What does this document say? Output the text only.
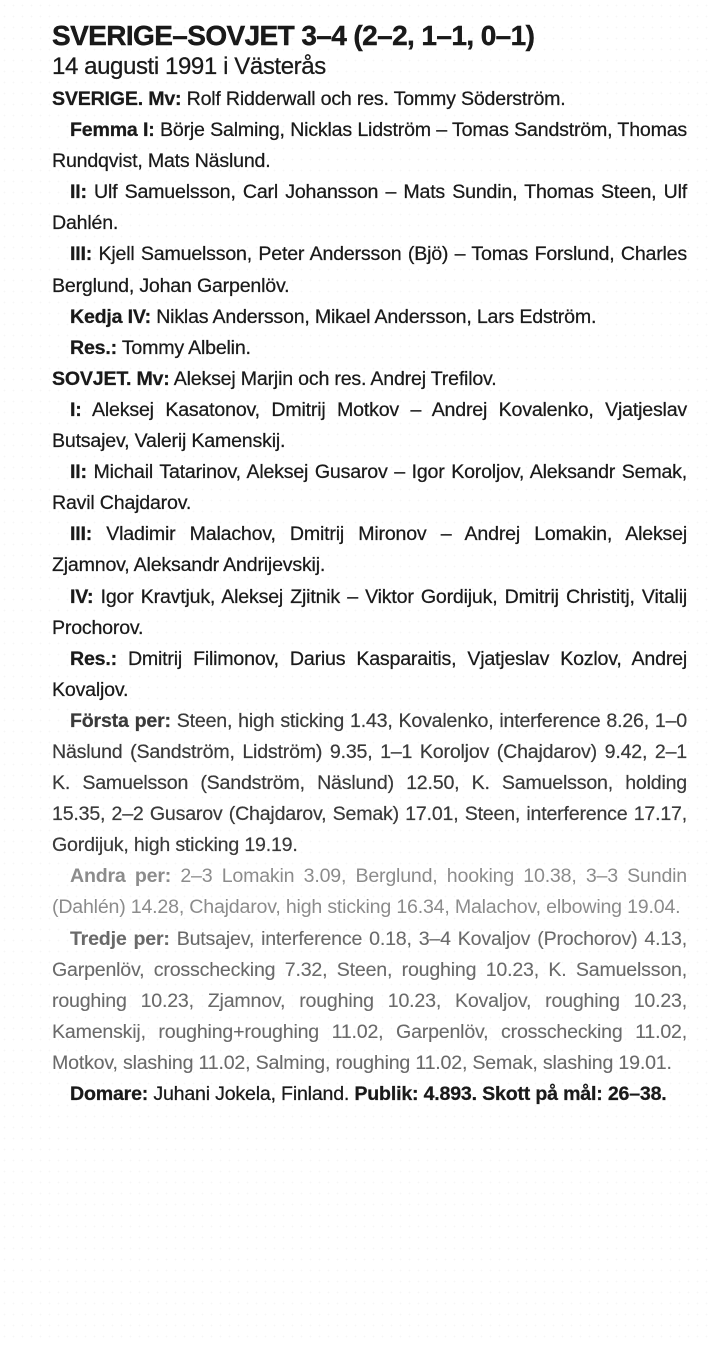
SVERIGE–SOVJET 3–4 (2–2, 1–1, 0–1)
14 augusti 1991 i Västerås

SVERIGE. Mv: Rolf Ridderwall och res. Tommy Söderström.

Femma I: Börje Salming, Nicklas Lidström – Tomas Sandström, Thomas Rundqvist, Mats Näslund.

II: Ulf Samuelsson, Carl Johansson – Mats Sundin, Thomas Steen, Ulf Dahlén.

III: Kjell Samuelsson, Peter Andersson (Bjö) – Tomas Forslund, Charles Berglund, Johan Garpenlöv.

Kedja IV: Niklas Andersson, Mikael Andersson, Lars Edström.

Res.: Tommy Albelin.

SOVJET. Mv: Aleksej Marjin och res. Andrej Trefilov.

I: Aleksej Kasatonov, Dmitrij Motkov – Andrej Kovalenko, Vjatjeslav Butsajev, Valerij Kamenskij.

II: Michail Tatarinov, Aleksej Gusarov – Igor Koroljov, Aleksandr Semak, Ravil Chajdarov.

III: Vladimir Malachov, Dmitrij Mironov – Andrej Lomakin, Aleksej Zjamnov, Aleksandr Andrijevskij.

IV: Igor Kravtjuk, Aleksej Zjitnik – Viktor Gordijuk, Dmitrij Christitj, Vitalij Prochorov.

Res.: Dmitrij Filimonov, Darius Kasparaitis, Vjatjeslav Kozlov, Andrej Kovaljov.

Första per: Steen, high sticking 1.43, Kovalenko, interference 8.26, 1–0 Näslund (Sandström, Lidström) 9.35, 1–1 Koroljov (Chajdarov) 9.42, 2–1 K. Samuelsson (Sandström, Näslund) 12.50, K. Samuelsson, holding 15.35, 2–2 Gusarov (Chajdarov, Semak) 17.01, Steen, interference 17.17, Gordijuk, high sticking 19.19.

Andra per: 2–3 Lomakin 3.09, Berglund, hooking 10.38, 3–3 Sundin (Dahlén) 14.28, Chajdarov, high sticking 16.34, Malachov, elbowing 19.04.

Tredje per: Butsajev, interference 0.18, 3–4 Kovaljov (Prochorov) 4.13, Garpenlöv, crosschecking 7.32, Steen, roughing 10.23, K. Samuelsson, roughing 10.23, Zjamnov, roughing 10.23, Kovaljov, roughing 10.23, Kamenskij, roughing+roughing 11.02, Garpenlöv, crosschecking 11.02, Motkov, slashing 11.02, Salming, roughing 11.02, Semak, slashing 19.01.

Domare: Juhani Jokela, Finland. Publik: 4.893. Skott på mål: 26–38.
